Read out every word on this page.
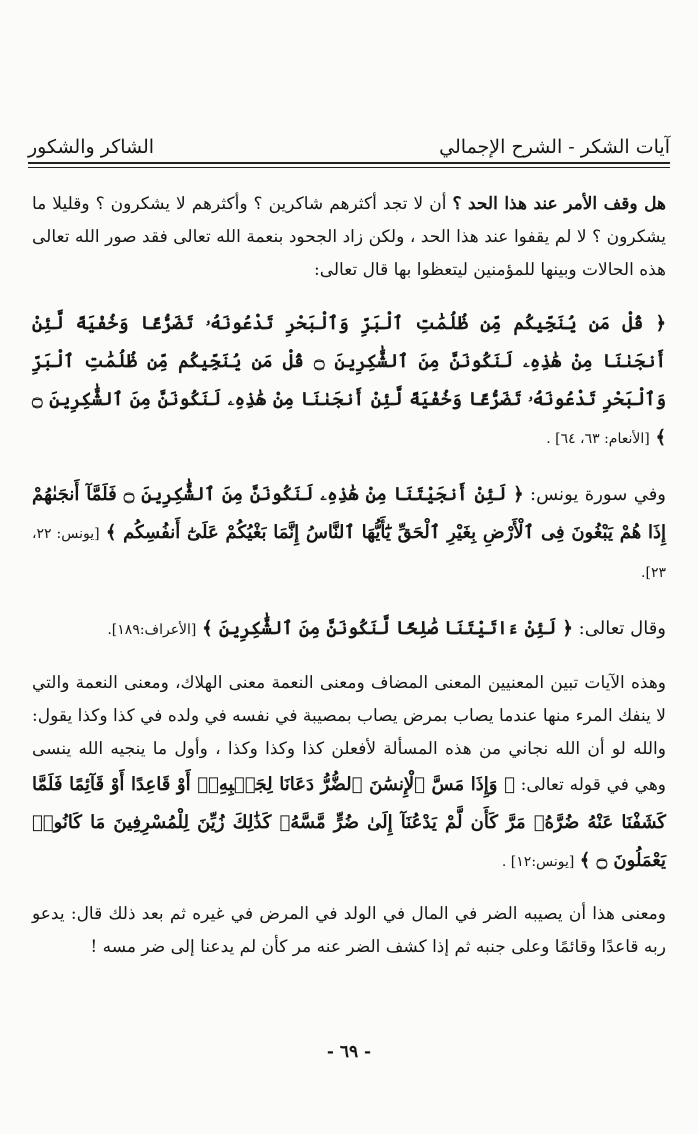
آيات الشكر - الشرح الإجمالي
الشاكر والشكور

هل وقف الأمر عند هذا الحد ؟ أن لا تجد أكثرهم شاكرين ؟ وأكثرهم لا يشكرون ؟ وقليلا ما يشكرون ؟ لا لم يقفوا عند هذا الحد ، ولكن زاد الجحود بنعمة الله تعالى فقد صور الله تعالى هذه الحالات وبينها للمؤمنين ليتعظوا بها قال تعالى:

﴿ قُلْ مَن يُنَجِّيكُم مِّن ظُلُمَٰتِ ٱلْبَرِّ وَٱلْبَحْرِ تَدْعُونَهُۥ تَضَرُّعًا وَخُفْيَةً لَّئِنْ أَنجَىٰنَا مِنْ هَٰذِهِۦ لَنَكُونَنَّ مِنَ ٱلشَّٰكِرِينَ ۝ قُلْ مَن يُنَجِّيكُم مِّن ظُلُمَٰتِ ٱلْبَرِّ وَٱلْبَحْرِ تَدْعُونَهُۥ تَضَرُّعًا وَخُفْيَةً لَّئِنْ أَنجَىٰنَا مِنْ هَٰذِهِۦ لَنَكُونَنَّ مِنَ ٱلشَّٰكِرِينَ ۝ ﴾ [الأنعام: ٦٣، ٦٤] .

وفي سورة يونس: ﴿ لَئِنْ أَنجَيْتَنَا مِنْ هَٰذِهِۦ لَنَكُونَنَّ مِنَ ٱلشَّٰكِرِينَ ۝ فَلَمَّآ أَنجَىٰهُمْ إِذَا هُمْ يَبْغُونَ فِى ٱلْأَرْضِ بِغَيْرِ ٱلْحَقِّ يَٰٓأَيُّهَا ٱلنَّاسُ إِنَّمَا بَغْيُكُمْ عَلَىٰٓ أَنفُسِكُم ﴾ [يونس: ٢٢، ٢٣].

وقال تعالى: ﴿ لَئِنْ ءَاتَيْتَنَا صَٰلِحًا لَّنَكُونَنَّ مِنَ ٱلشَّٰكِرِينَ ﴾ [الأعراف:١٨٩].

وهذه الآيات تبين المعنيين المعنى المضاف ومعنى النعمة معنى الهلاك، ومعنى النعمة والتي لا ينفك المرء منها عندما يصاب بمرض يصاب بمصيبة في نفسه في ولده في كذا وكذا يقول: والله لو أن الله نجاني من هذه المسألة لأفعلن كذا وكذا وكذا ، وأول ما ينجيه الله ينسى وهي في قوله تعالى: ﴿ وَإِذَا مَسَّ ٱلْإِنسَٰنَ ٱلضُّرُّ دَعَانَا لِجَنۢبِهِۦٓ أَوْ قَاعِدًا أَوْ قَآئِمًا فَلَمَّا كَشَفْنَا عَنْهُ ضُرَّهُۥ مَرَّ كَأَن لَّمْ يَدْعُنَآ إِلَىٰ ضُرٍّ مَّسَّهُۥ كَذَٰلِكَ زُيِّنَ لِلْمُسْرِفِينَ مَا كَانُوا۟ يَعْمَلُونَ ۝ ﴾ [يونس:١٢] .

ومعنى هذا أن يصيبه الضر في المال في الولد في المرض في غيره ثم بعد ذلك قال: يدعو ربه قاعدًا وقائمًا وعلى جنبه ثم إذا كشف الضر عنه مر كأن لم يدعنا إلى ضر مسه !

- ٦٩ -
